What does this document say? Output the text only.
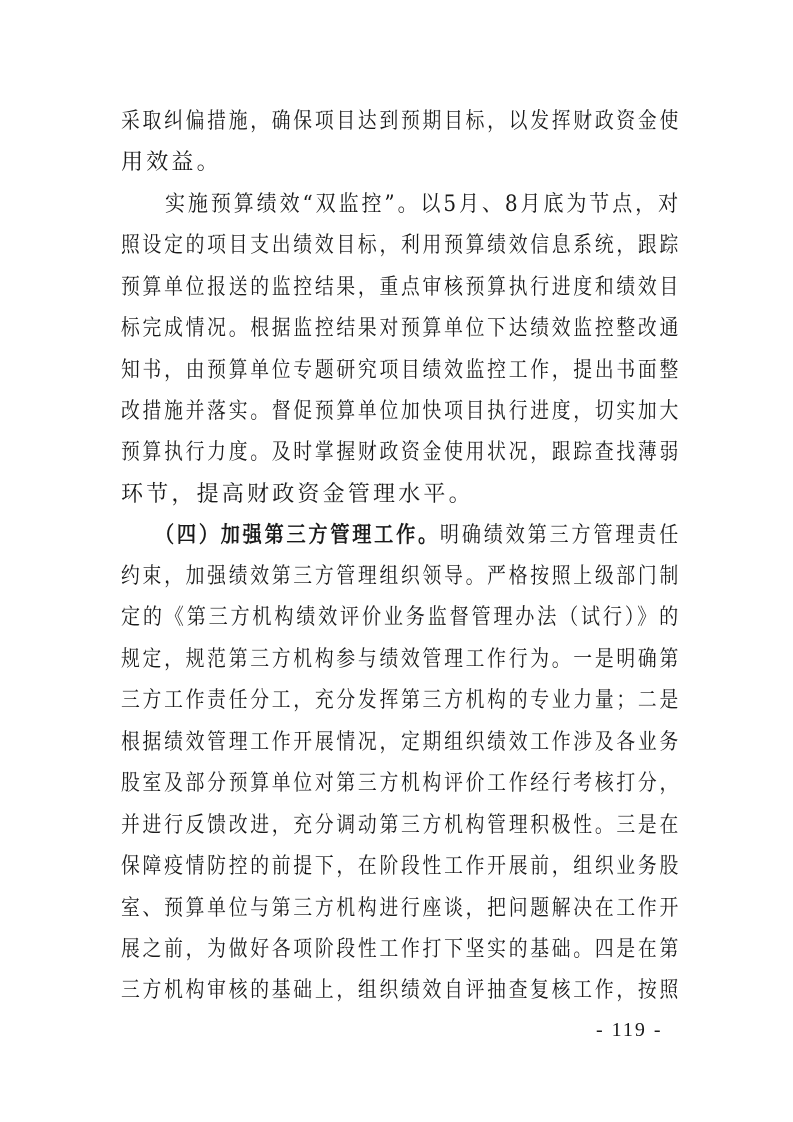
采取纠偏措施，确保项目达到预期目标，以发挥财政资金使
用效益。
实施预算绩效“双监控”。以5月、8月底为节点，对
照设定的项目支出绩效目标，利用预算绩效信息系统，跟踪
预算单位报送的监控结果，重点审核预算执行进度和绩效目
标完成情况。根据监控结果对预算单位下达绩效监控整改通
知书，由预算单位专题研究项目绩效监控工作，提出书面整
改措施并落实。督促预算单位加快项目执行进度，切实加大
预算执行力度。及时掌握财政资金使用状况，跟踪查找薄弱
环节，提高财政资金管理水平。
（四）加强第三方管理工作。明确绩效第三方管理责任
约束，加强绩效第三方管理组织领导。严格按照上级部门制
定的《第三方机构绩效评价业务监督管理办法（试行）》的
规定，规范第三方机构参与绩效管理工作行为。一是明确第
三方工作责任分工，充分发挥第三方机构的专业力量；二是
根据绩效管理工作开展情况，定期组织绩效工作涉及各业务
股室及部分预算单位对第三方机构评价工作经行考核打分，
并进行反馈改进，充分调动第三方机构管理积极性。三是在
保障疫情防控的前提下，在阶段性工作开展前，组织业务股
室、预算单位与第三方机构进行座谈，把问题解决在工作开
展之前，为做好各项阶段性工作打下坚实的基础。四是在第
三方机构审核的基础上，组织绩效自评抽查复核工作，按照
- 119 -
